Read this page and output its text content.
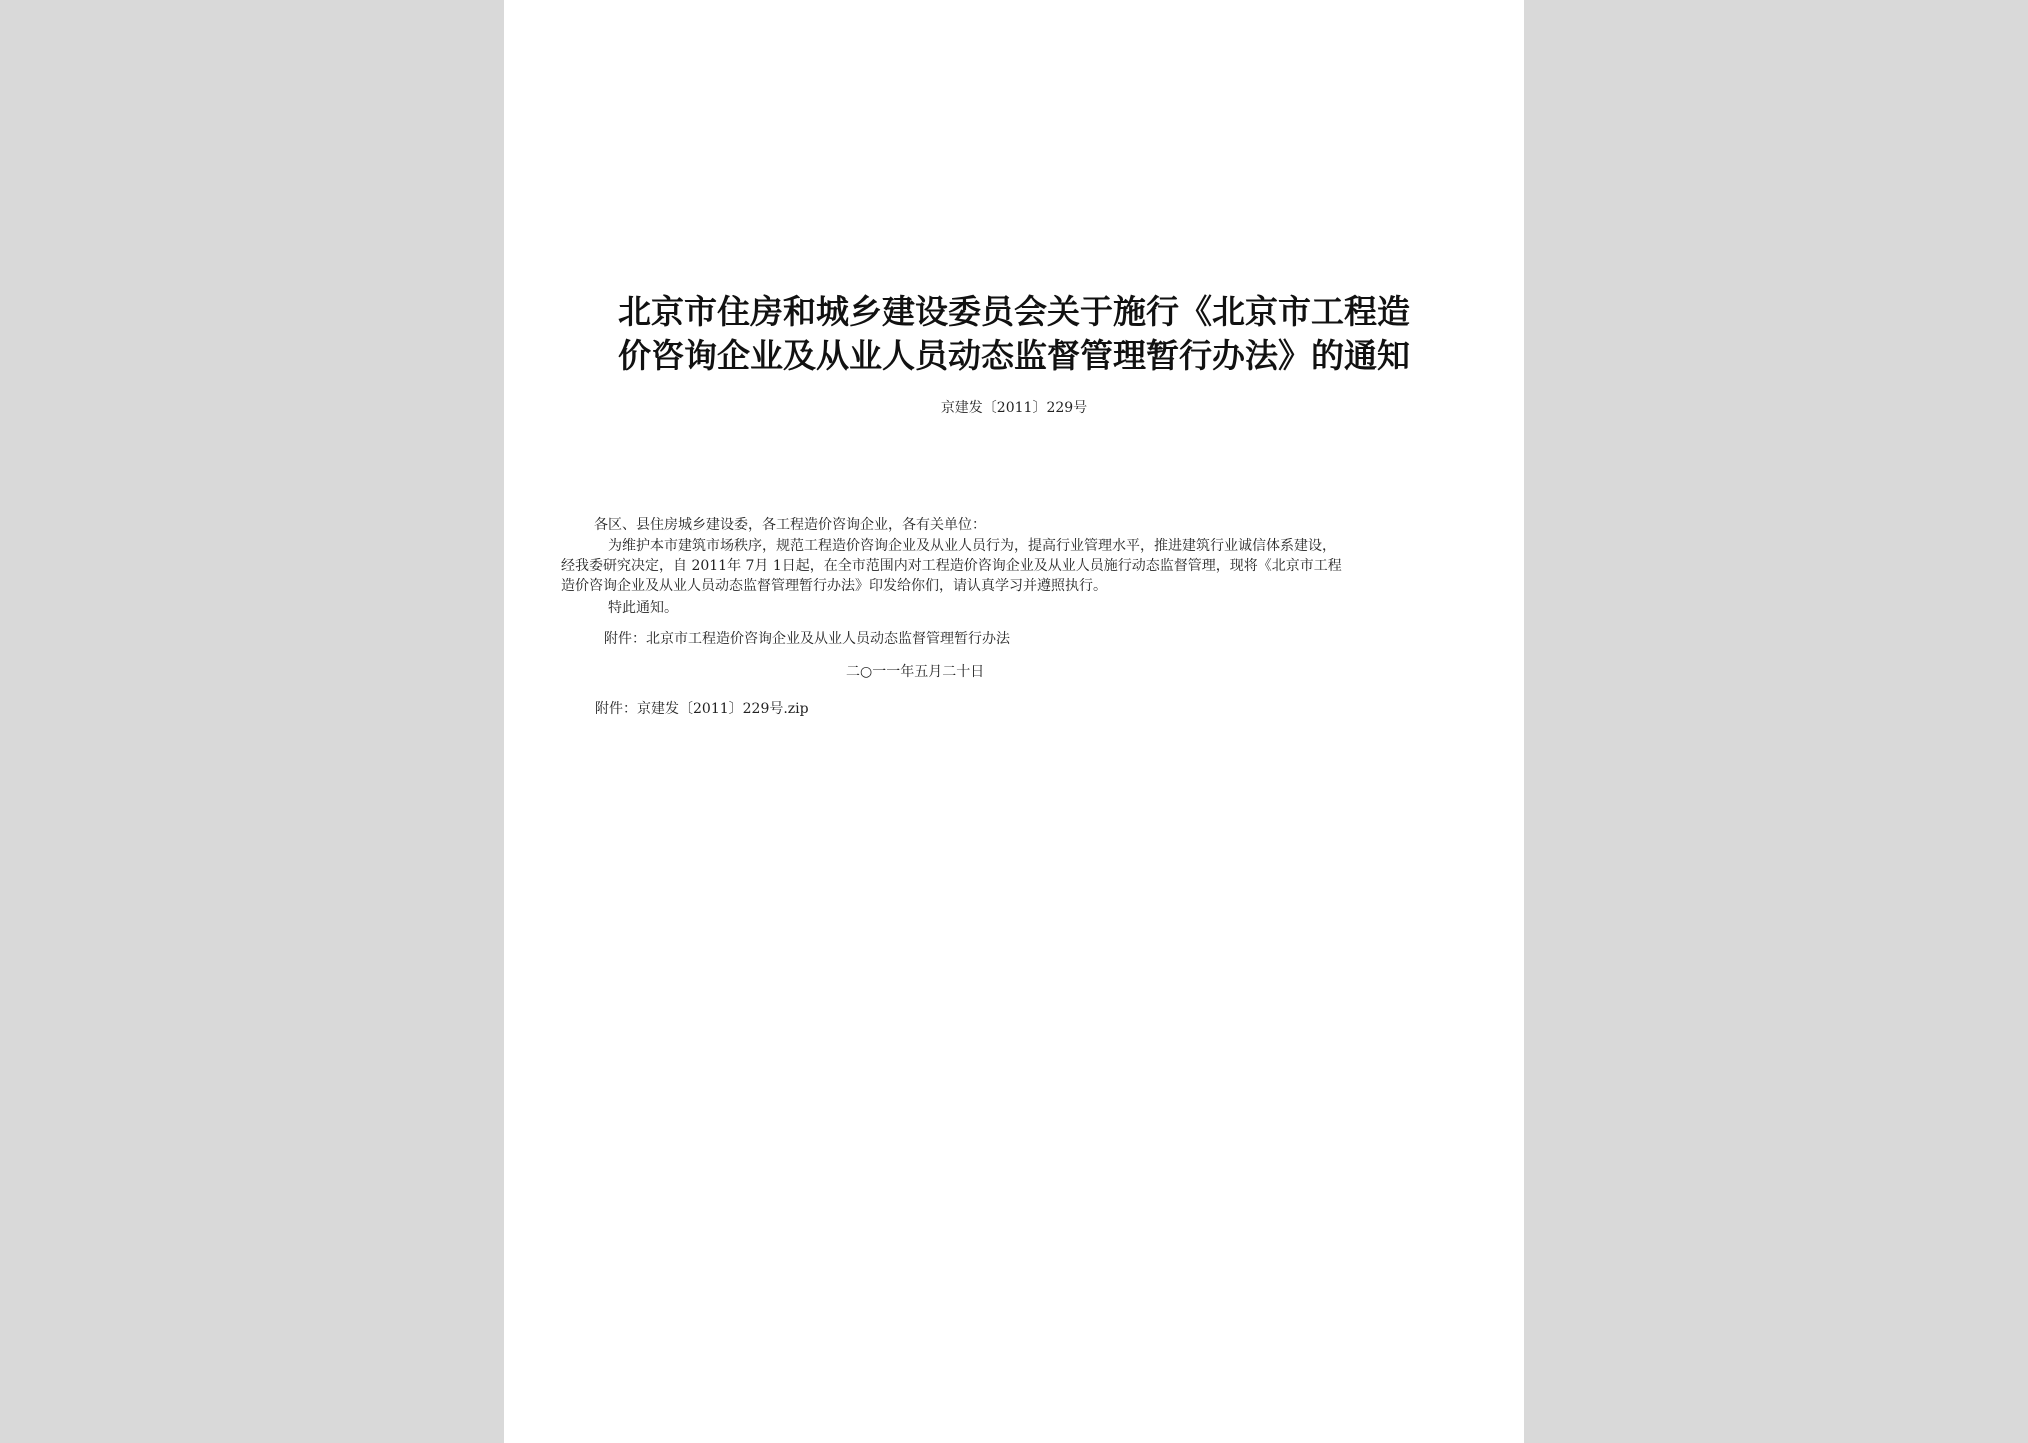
北京市住房和城乡建设委员会关于施行《北京市工程造
价咨询企业及从业人员动态监督管理暂行办法》的通知
京建发〔2011〕229号
各区、县住房城乡建设委，各工程造价咨询企业，各有关单位：
为维护本市建筑市场秩序，规范工程造价咨询企业及从业人员行为，提高行业管理水平，推进建筑行业诚信体系建设，
经我委研究决定，自 2011年 7月 1日起，在全市范围内对工程造价咨询企业及从业人员施行动态监督管理，现将《北京市工程
造价咨询企业及从业人员动态监督管理暂行办法》印发给你们，请认真学习并遵照执行。
特此通知。
附件：北京市工程造价咨询企业及从业人员动态监督管理暂行办法
二○一一年五月二十日
附件：京建发〔2011〕229号.zip
